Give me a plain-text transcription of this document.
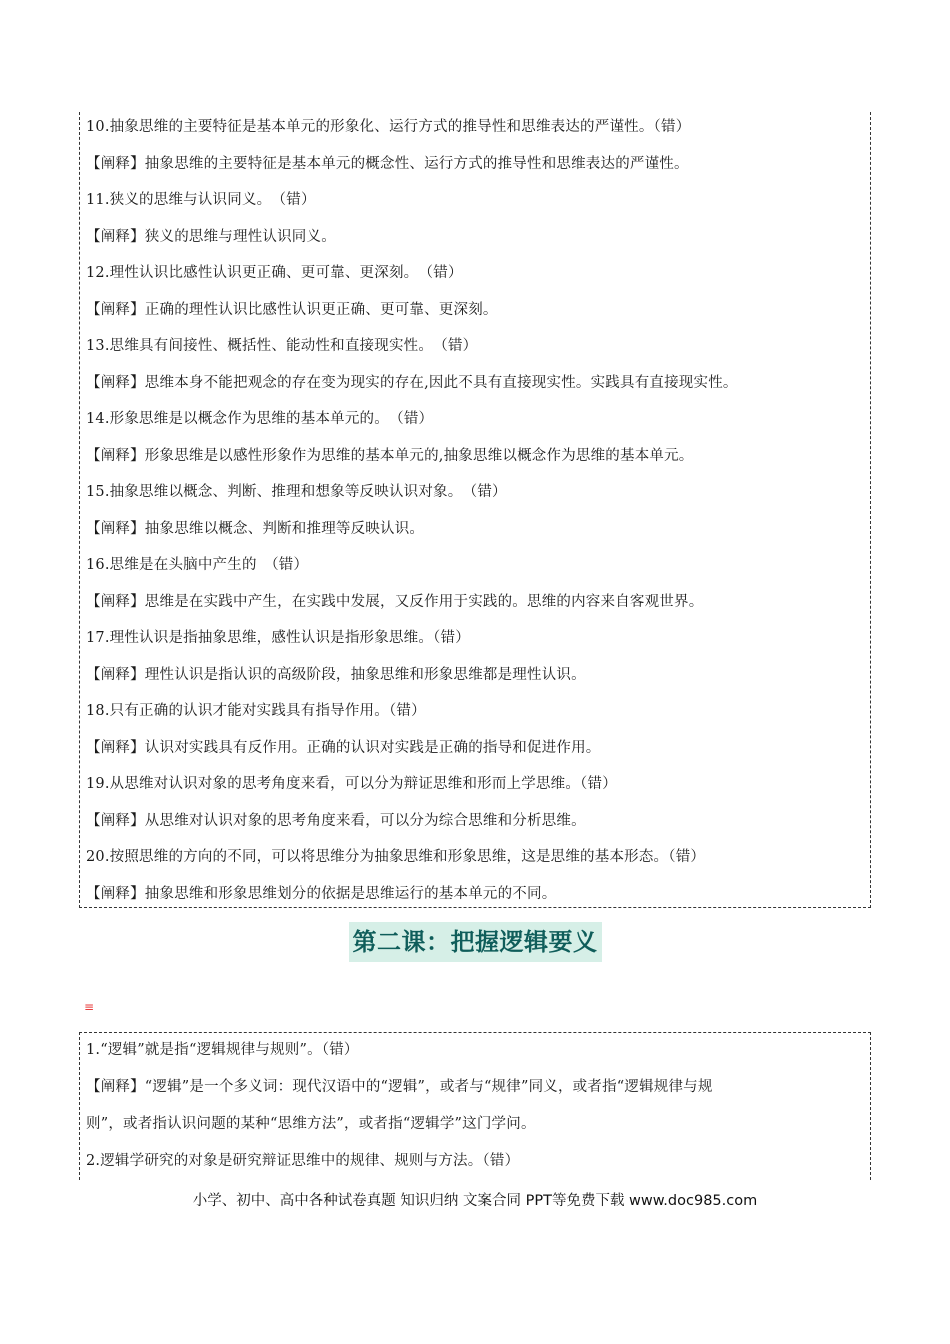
10.抽象思维的主要特征是基本单元的形象化、运行方式的推导性和思维表达的严谨性。（错）
【阐释】抽象思维的主要特征是基本单元的概念性、运行方式的推导性和思维表达的严谨性。
11.狭义的思维与认识同义。　（错）
【阐释】狭义的思维与理性认识同义。
12.理性认识比感性认识更正确、更可靠、更深刻。　（错）
【阐释】正确的理性认识比感性认识更正确、更可靠、更深刻。
13.思维具有间接性、概括性、能动性和直接现实性。　（错）
【阐释】思维本身不能把观念的存在变为现实的存在,因此不具有直接现实性。实践具有直接现实性。
14.形象思维是以概念作为思维的基本单元的。　（错）
【阐释】形象思维是以感性形象作为思维的基本单元的,抽象思维以概念作为思维的基本单元。
15.抽象思维以概念、判断、推理和想象等反映认识对象。　（错）
【阐释】抽象思维以概念、判断和推理等反映认识。
16.思维是在头脑中产生的　（错）
【阐释】思维是在实践中产生，在实践中发展，又反作用于实践的。思维的内容来自客观世界。
17.理性认识是指抽象思维，感性认识是指形象思维。（错）
【阐释】理性认识是指认识的高级阶段，抽象思维和形象思维都是理性认识。
18.只有正确的认识才能对实践具有指导作用。（错）
【阐释】认识对实践具有反作用。正确的认识对实践是正确的指导和促进作用。
19.从思维对认识对象的思考角度来看，可以分为辩证思维和形而上学思维。（错）
【阐释】从思维对认识对象的思考角度来看，可以分为综合思维和分析思维。
20.按照思维的方向的不同，可以将思维分为抽象思维和形象思维，这是思维的基本形态。（错）
【阐释】抽象思维和形象思维划分的依据是思维运行的基本单元的不同。
第二课：把握逻辑要义
≡
1.“逻辑”就是指“逻辑规律与规则”。（错）
【阐释】“逻辑”是一个多义词：现代汉语中的“逻辑”，或者与“规律”同义，或者指“逻辑规律与规
则”，或者指认识问题的某种“思维方法”，或者指“逻辑学”这门学问。
2.逻辑学研究的对象是研究辩证思维中的规律、规则与方法。（错）
小学、初中、高中各种试卷真题 知识归纳 文案合同 PPT等免费下载 www.doc985.com
